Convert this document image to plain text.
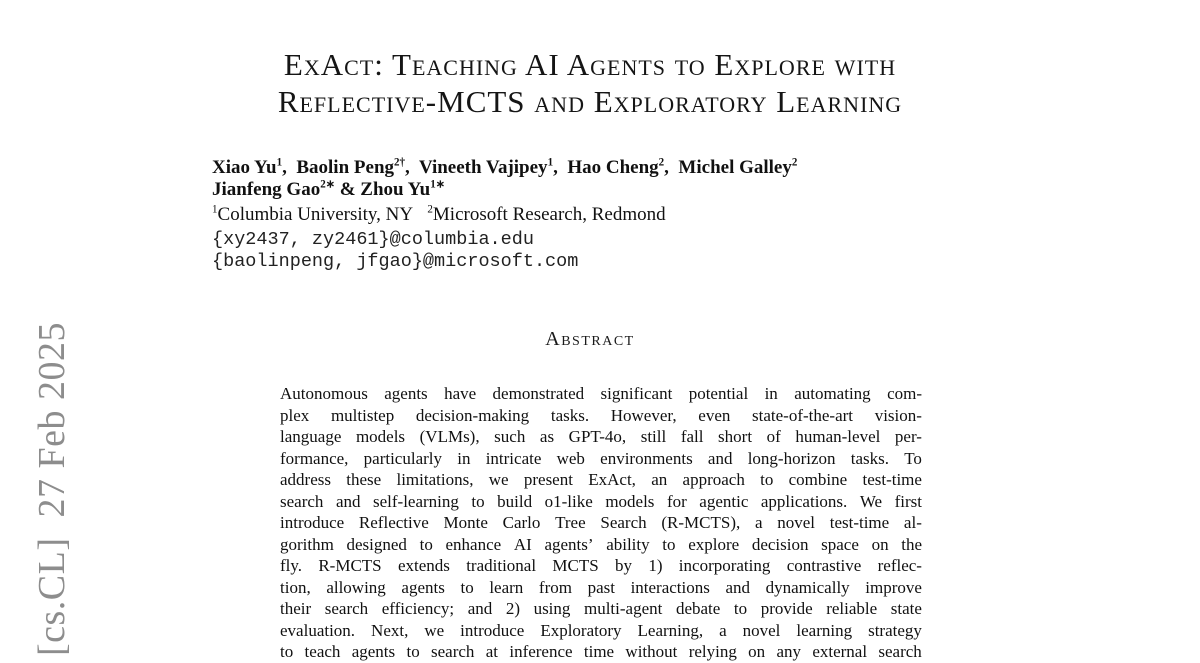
[cs.CL]  27 Feb 2025
ExAct: Teaching AI Agents to Explore with
Reflective-MCTS and Exploratory Learning
Xiao Yu$^1$,  Baolin Peng$^{2\dagger}$,  Vineeth Vajipey$^1$,  Hao Cheng$^2$,  Michel Galley$^2$
Jianfeng Gao$^{2∗}$ & Zhou $Yu^{1∗}$
$^1$Columbia University, NY $^2$Microsoft Research, Redmond
{xy2437, zy2461}@columbia.edu
{baolinpeng, jfgao}@microsoft.com
Abstract
Autonomous agents have demonstrated significant potential in automating com-
plex multistep decision-making tasks. However, even state-of-the-art vision-
language models (VLMs), such as GPT-4o, still fall short of human-level per-
formance, particularly in intricate web environments and long-horizon tasks. To
address these limitations, we present ExAct, an approach to combine test-time
search and self-learning to build o1-like models for agentic applications. We first
introduce Reflective Monte Carlo Tree Search (R-MCTS), a novel test-time al-
gorithm designed to enhance AI agents’ ability to explore decision space on the
fly. R-MCTS extends traditional MCTS by 1) incorporating contrastive reflec-
tion, allowing agents to learn from past interactions and dynamically improve
their search efficiency; and 2) using multi-agent debate to provide reliable state
evaluation. Next, we introduce Exploratory Learning, a novel learning strategy
to teach agents to search at inference time without relying on any external search
